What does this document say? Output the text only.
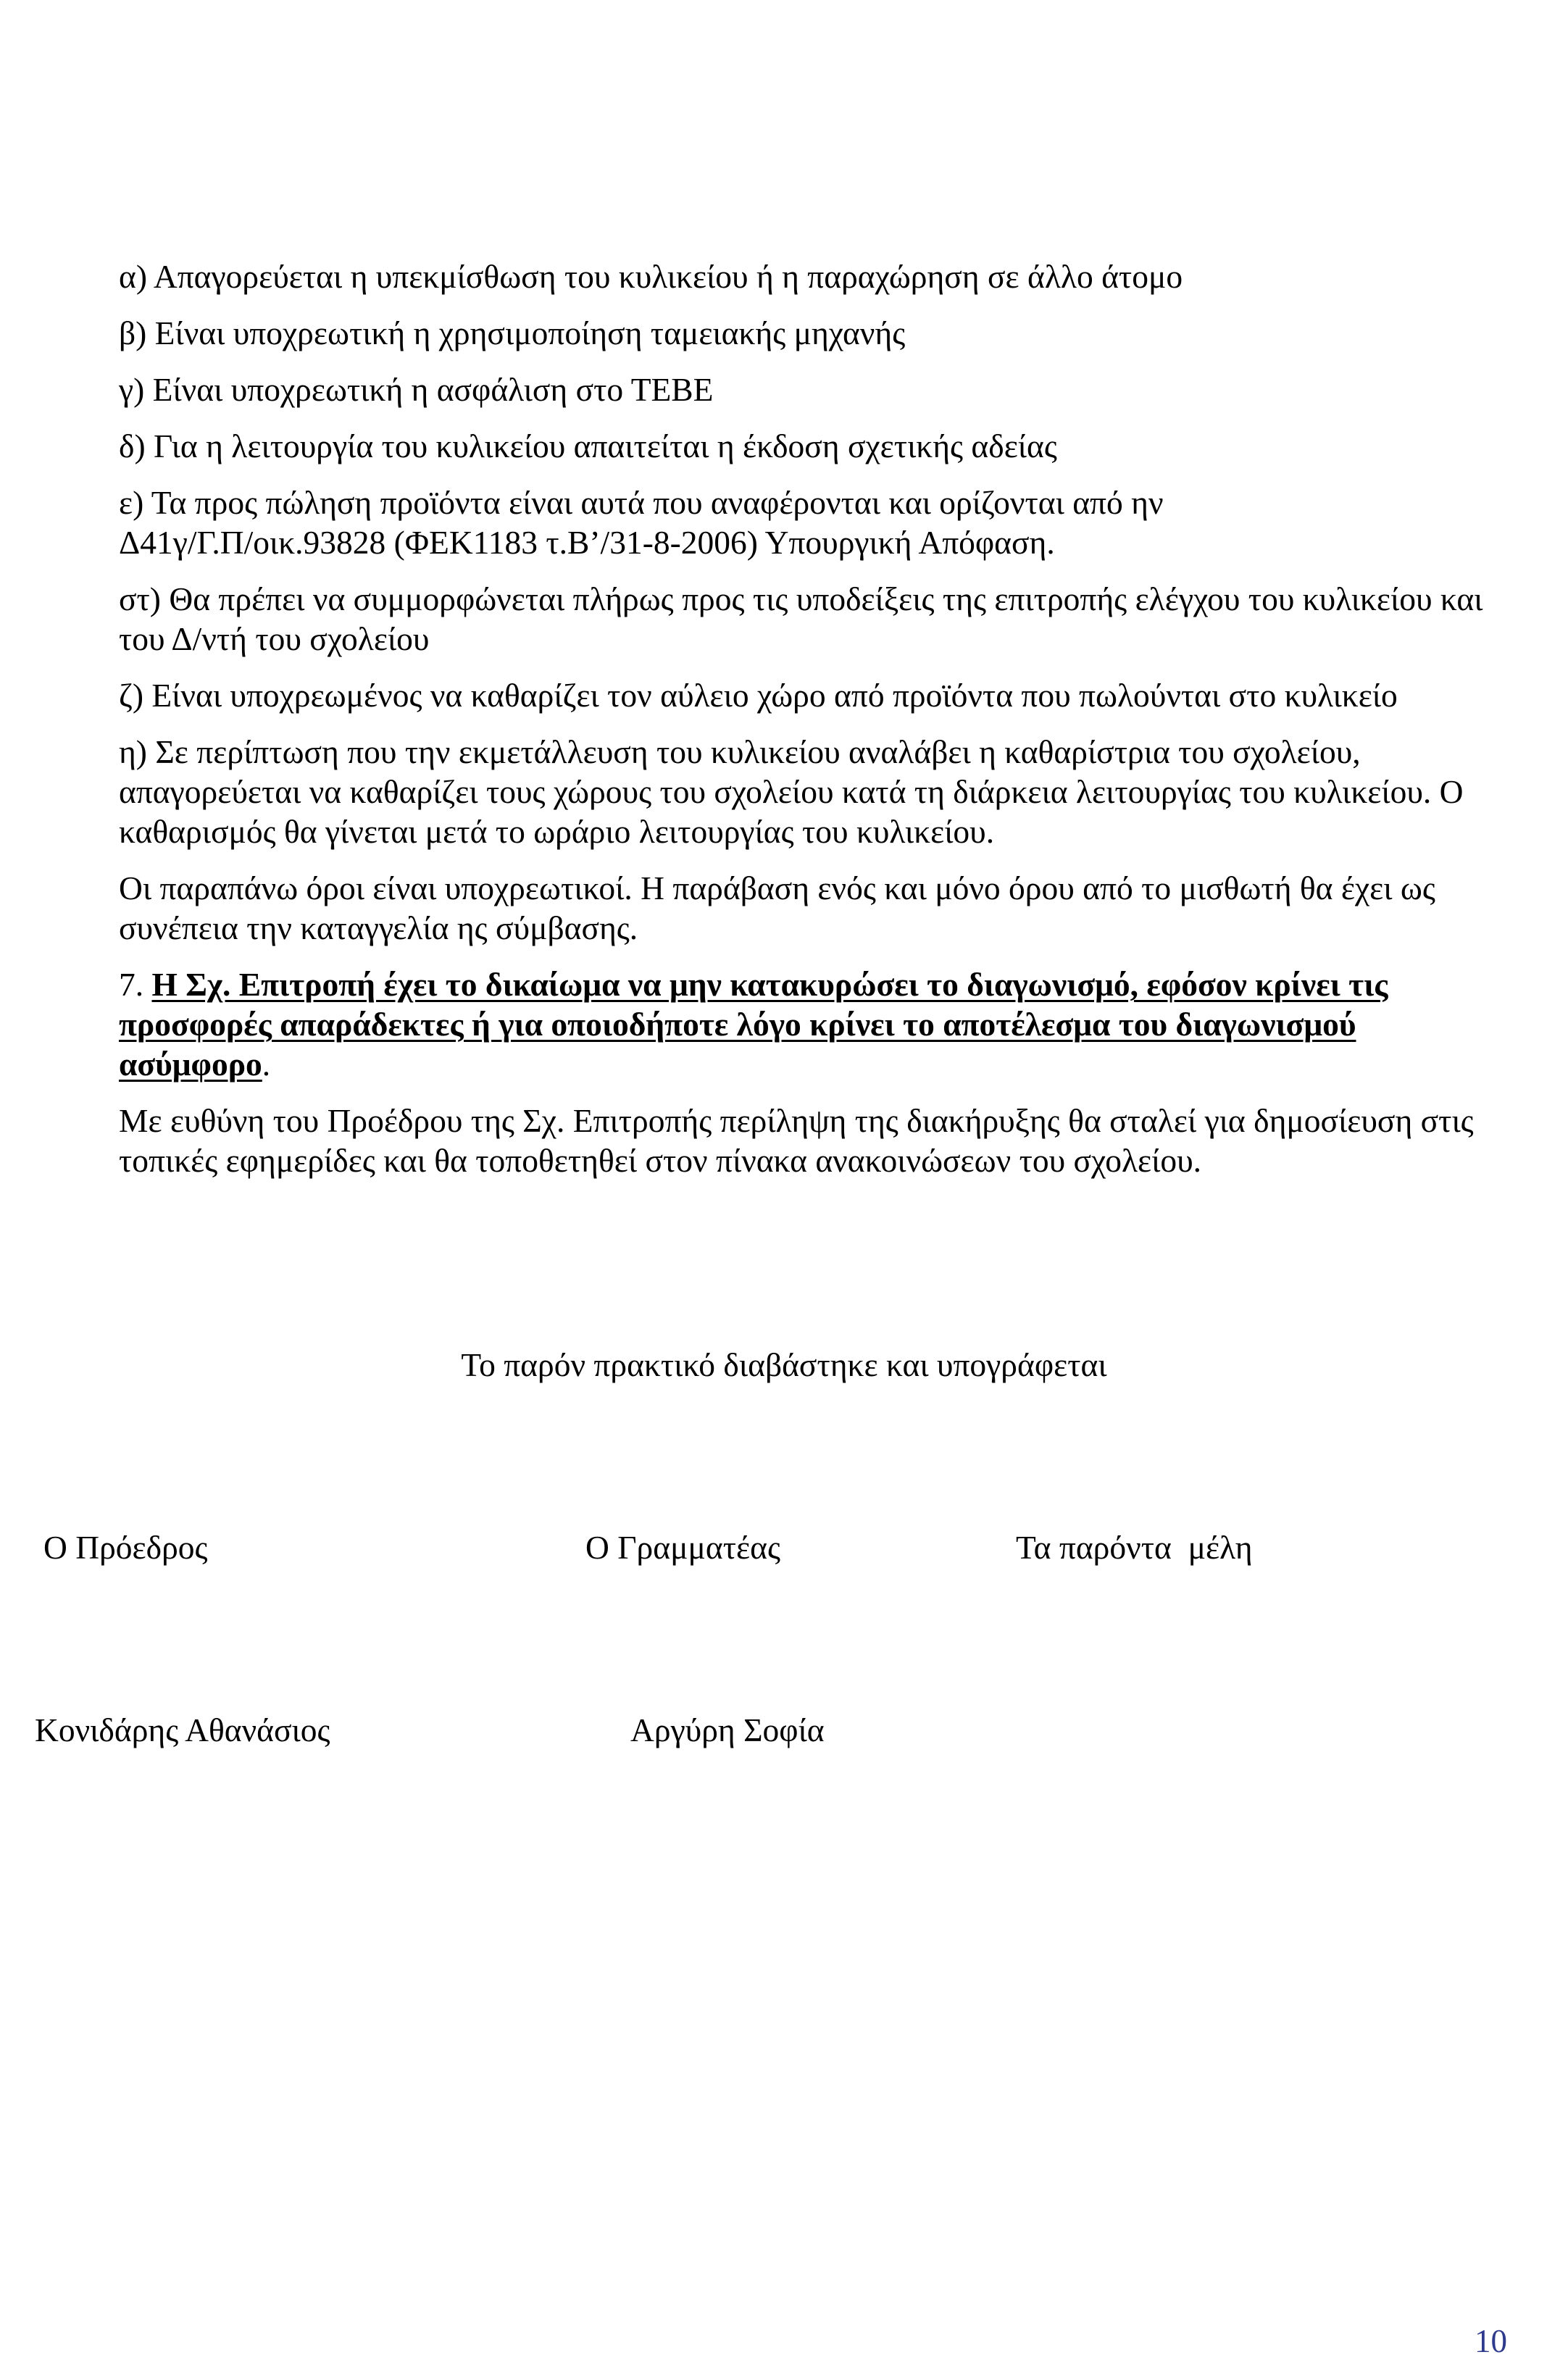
α) Απαγορεύεται η υπεκμίσθωση του κυλικείου ή η παραχώρηση σε άλλο άτομο

β) Είναι υποχρεωτική η χρησιμοποίηση ταμειακής μηχανής

γ) Είναι υποχρεωτική η ασφάλιση στο ΤΕΒΕ

δ) Για η λειτουργία του κυλικείου απαιτείται η έκδοση σχετικής αδείας

ε) Τα προς πώληση προϊόντα είναι αυτά που αναφέρονται και ορίζονται από ην
Δ41γ/Γ.Π/οικ.93828 (ΦΕΚ1183 τ.Β’/31-8-2006) Υπουργική Απόφαση.

στ) Θα πρέπει να συμμορφώνεται πλήρως προς τις υποδείξεις της επιτροπής ελέγχου του κυλικείου και του Δ/ντή του σχολείου

ζ) Είναι υποχρεωμένος να καθαρίζει τον αύλειο χώρο από προϊόντα που πωλούνται στο κυλικείο

η) Σε περίπτωση που την εκμετάλλευση του κυλικείου αναλάβει η καθαρίστρια του σχολείου, απαγορεύεται να καθαρίζει τους χώρους του σχολείου κατά τη διάρκεια λειτουργίας του κυλικείου. Ο καθαρισμός θα γίνεται μετά το ωράριο λειτουργίας του κυλικείου.

Οι παραπάνω όροι είναι υποχρεωτικοί. Η παράβαση ενός και μόνο όρου από το μισθωτή θα έχει ως συνέπεια την καταγγελία ης σύμβασης.

7. Η Σχ. Επιτροπή έχει το δικαίωμα να μην κατακυρώσει το διαγωνισμό, εφόσον κρίνει τις προσφορές απαράδεκτες ή για οποιοδήποτε λόγο κρίνει το αποτέλεσμα του διαγωνισμού ασύμφορο.

Με ευθύνη του Προέδρου της Σχ. Επιτροπής περίληψη της διακήρυξης θα σταλεί για δημοσίευση στις τοπικές εφημερίδες και θα τοποθετηθεί στον πίνακα ανακοινώσεων του σχολείου.

Το παρόν πρακτικό διαβάστηκε και υπογράφεται
Ο Πρόεδρος	Ο Γραμματέας	Τα παρόντα  μέλη
Κονιδάρης Αθανάσιος	Αργύρη Σοφία
10
